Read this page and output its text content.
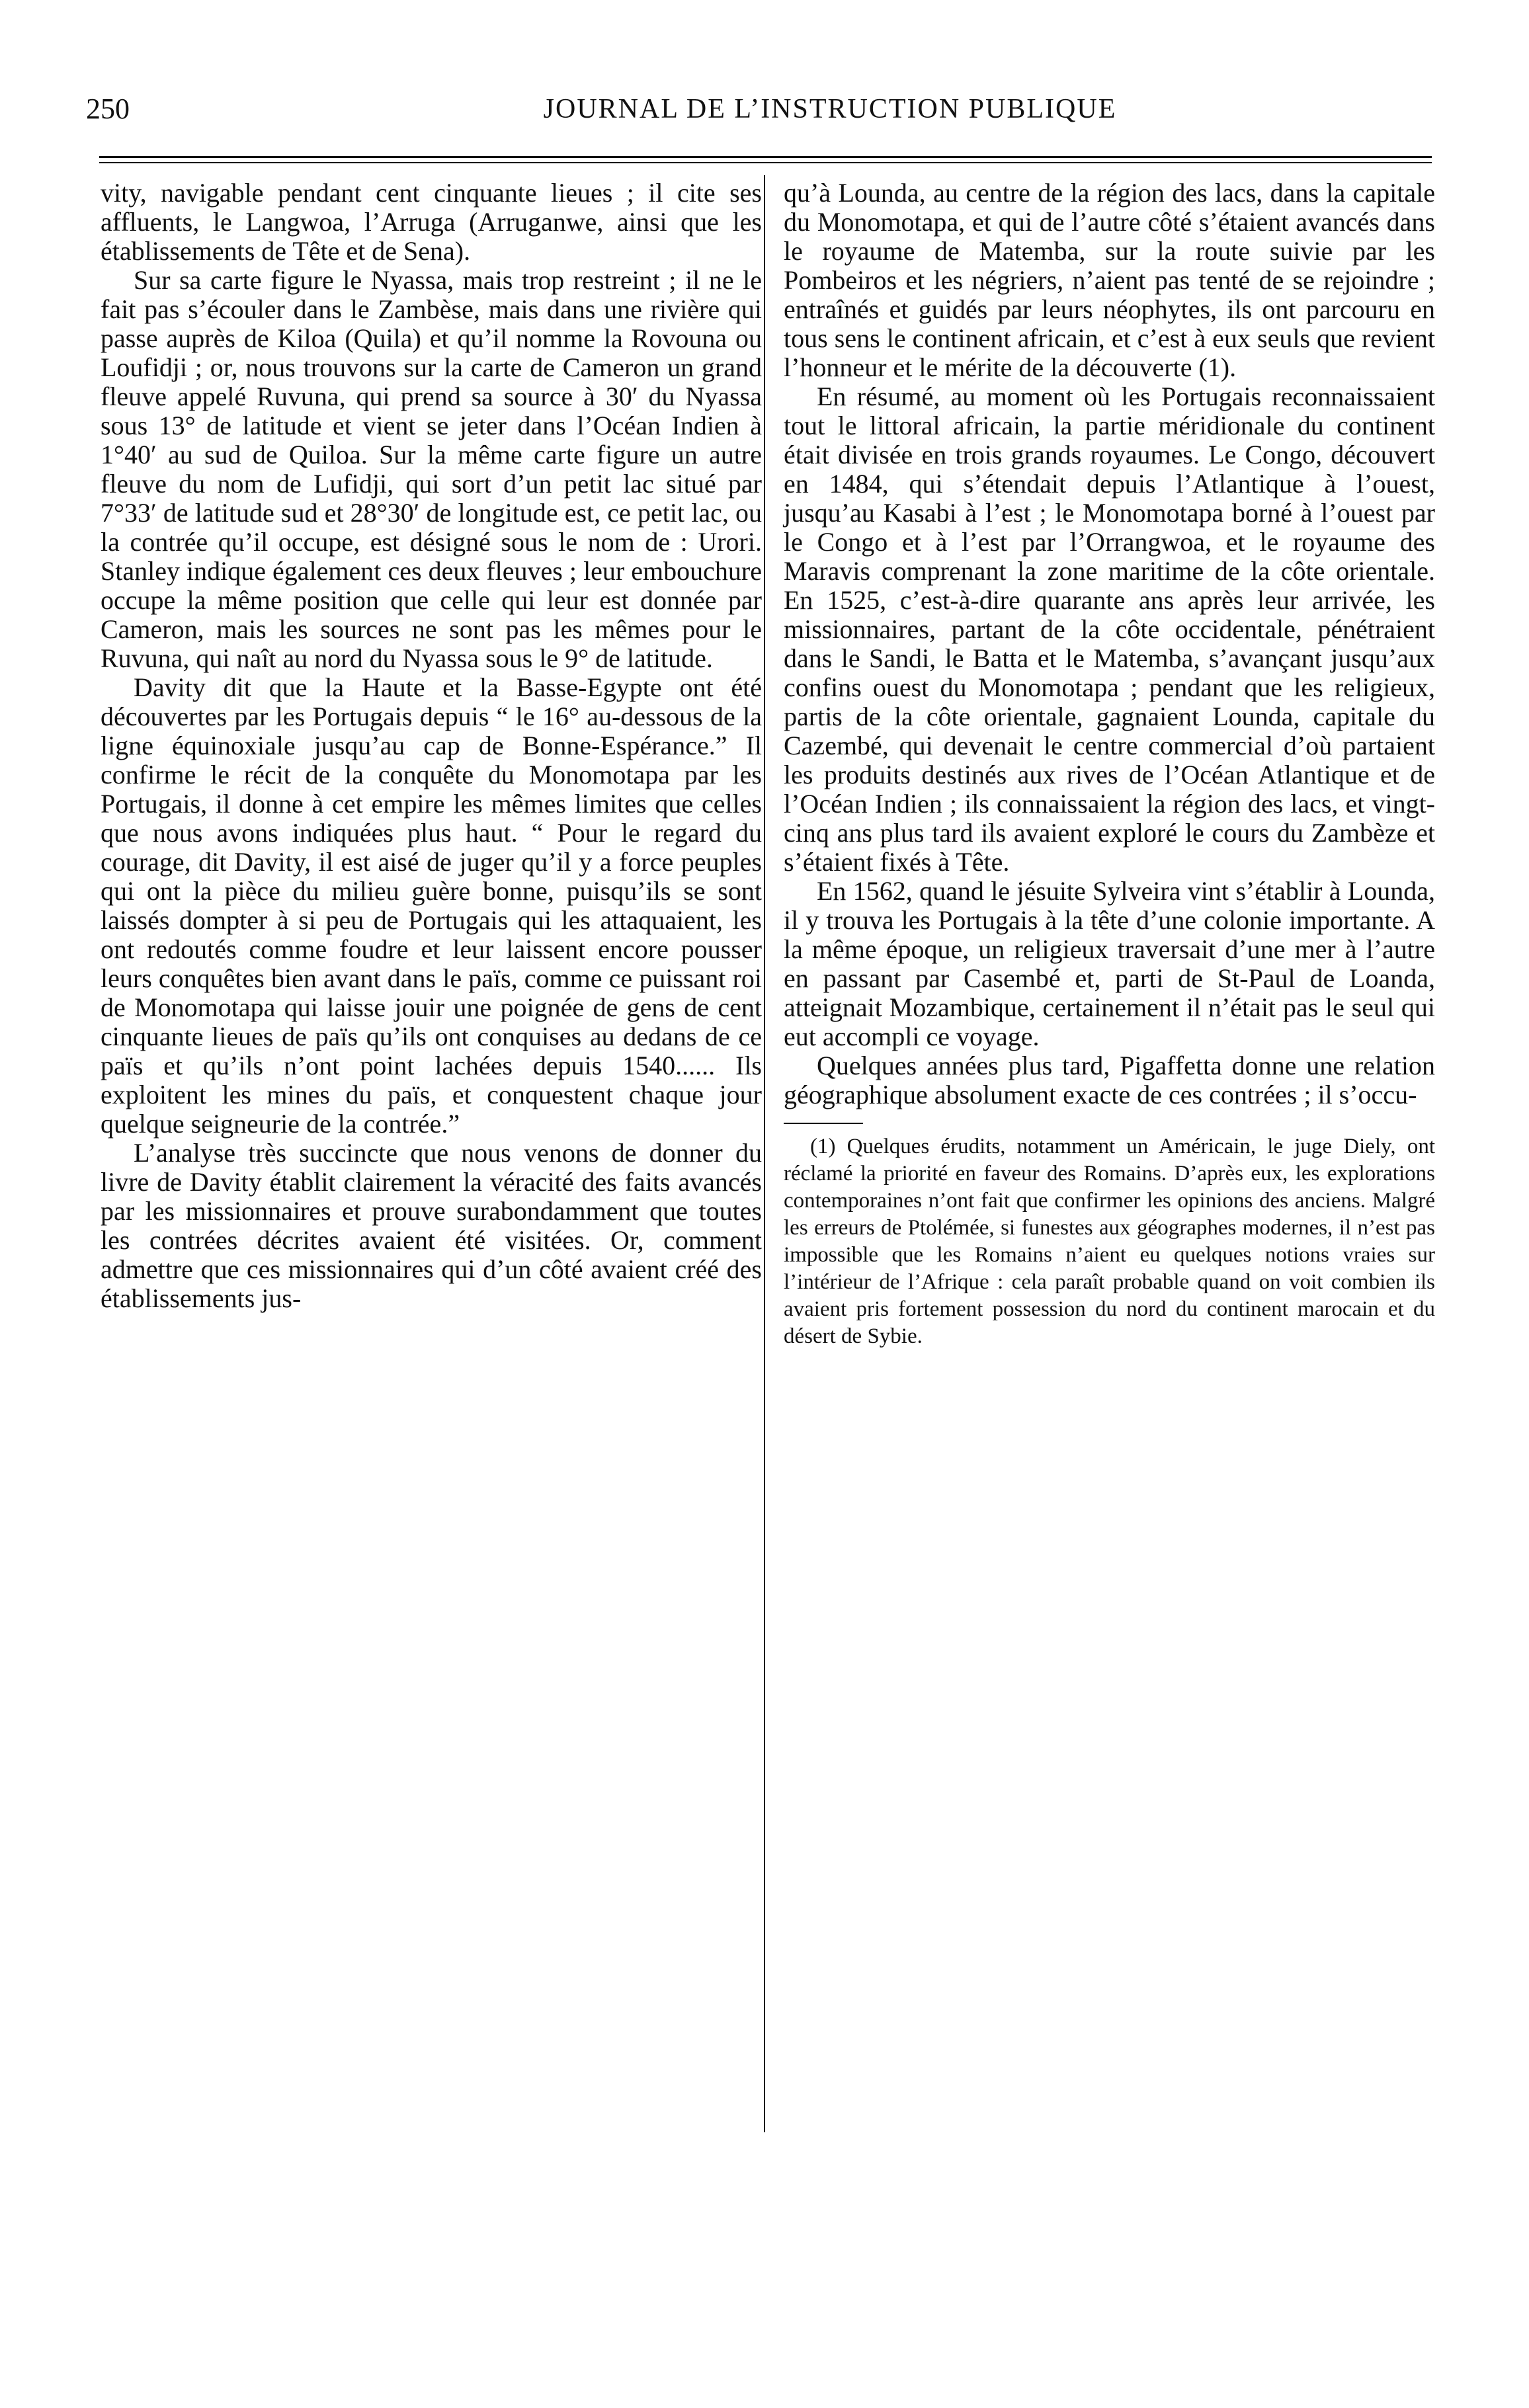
250	JOURNAL DE L’INSTRUCTION PUBLIQUE

vity, navigable pendant cent cinquante lieues ; il cite ses affluents, le Langwoa, l’Arruga (Arruganwe, ainsi que les établissements de Tête et de Sena).

Sur sa carte figure le Nyassa, mais trop restreint ; il ne le fait pas s’écouler dans le Zambèse, mais dans une rivière qui passe auprès de Kiloa (Quila) et qu’il nomme la Rovouna ou Loufidji ; or, nous trouvons sur la carte de Cameron un grand fleuve appelé Ruvuna, qui prend sa source à 30′ du Nyassa sous 13° de latitude et vient se jeter dans l’Océan Indien à 1°40′ au sud de Quiloa. Sur la même carte figure un autre fleuve du nom de Lufidji, qui sort d’un petit lac situé par 7°33′ de latitude sud et 28°30′ de longitude est, ce petit lac, ou la contrée qu’il occupe, est désigné sous le nom de : Urori. Stanley indique également ces deux fleuves ; leur embouchure occupe la même position que celle qui leur est donnée par Cameron, mais les sources ne sont pas les mêmes pour le Ruvuna, qui naît au nord du Nyassa sous le 9° de latitude.

Davity dit que la Haute et la Basse-Egypte ont été découvertes par les Portugais depuis “ le 16° au-dessous de la ligne équinoxiale jusqu’au cap de Bonne-Espérance.” Il confirme le récit de la conquête du Monomotapa par les Portugais, il donne à cet empire les mêmes limites que celles que nous avons indiquées plus haut. “ Pour le regard du courage, dit Davity, il est aisé de juger qu’il y a force peuples qui ont la pièce du milieu guère bonne, puisqu’ils se sont laissés dompter à si peu de Portugais qui les attaquaient, les ont redoutés comme foudre et leur laissent encore pousser leurs conquêtes bien avant dans le païs, comme ce puissant roi de Monomotapa qui laisse jouir une poignée de gens de cent cinquante lieues de païs qu’ils ont conquises au dedans de ce païs et qu’ils n’ont point lachées depuis 1540...... Ils exploitent les mines du païs, et conquestent chaque jour quelque seigneurie de la contrée.”

L’analyse très succincte que nous venons de donner du livre de Davity établit clairement la véracité des faits avancés par les missionnaires et prouve surabondamment que toutes les contrées décrites avaient été visitées. Or, comment admettre que ces missionnaires qui d’un côté avaient créé des établissements jus-

qu’à Lounda, au centre de la région des lacs, dans la capitale du Monomotapa, et qui de l’autre côté s’étaient avancés dans le royaume de Matemba, sur la route suivie par les Pombeiros et les négriers, n’aient pas tenté de se rejoindre ; entraînés et guidés par leurs néophytes, ils ont parcouru en tous sens le continent africain, et c’est à eux seuls que revient l’honneur et le mérite de la découverte (1).

En résumé, au moment où les Portugais reconnaissaient tout le littoral africain, la partie méridionale du continent était divisée en trois grands royaumes. Le Congo, découvert en 1484, qui s’étendait depuis l’Atlantique à l’ouest, jusqu’au Kasabi à l’est ; le Monomotapa borné à l’ouest par le Congo et à l’est par l’Orrangwoa, et le royaume des Maravis comprenant la zone maritime de la côte orientale. En 1525, c’est-à-dire quarante ans après leur arrivée, les missionnaires, partant de la côte occidentale, pénétraient dans le Sandi, le Batta et le Matemba, s’avançant jusqu’aux confins ouest du Monomotapa ; pendant que les religieux, partis de la côte orientale, gagnaient Lounda, capitale du Cazembé, qui devenait le centre commercial d’où partaient les produits destinés aux rives de l’Océan Atlantique et de l’Océan Indien ; ils connaissaient la région des lacs, et vingt-cinq ans plus tard ils avaient exploré le cours du Zambèze et s’étaient fixés à Tête.

En 1562, quand le jésuite Sylveira vint s’établir à Lounda, il y trouva les Portugais à la tête d’une colonie importante. A la même époque, un religieux traversait d’une mer à l’autre en passant par Casembé et, parti de St-Paul de Loanda, atteignait Mozambique, certainement il n’était pas le seul qui eut accompli ce voyage.

Quelques années plus tard, Pigaffetta donne une relation géographique absolument exacte de ces contrées ; il s’occu-

(1) Quelques érudits, notamment un Américain, le juge Diely, ont réclamé la priorité en faveur des Romains. D’après eux, les explorations contemporaines n’ont fait que confirmer les opinions des anciens. Malgré les erreurs de Ptolémée, si funestes aux géographes modernes, il n’est pas impossible que les Romains n’aient eu quelques notions vraies sur l’intérieur de l’Afrique : cela paraît probable quand on voit combien ils avaient pris fortement possession du nord du continent marocain et du désert de Sybie.
